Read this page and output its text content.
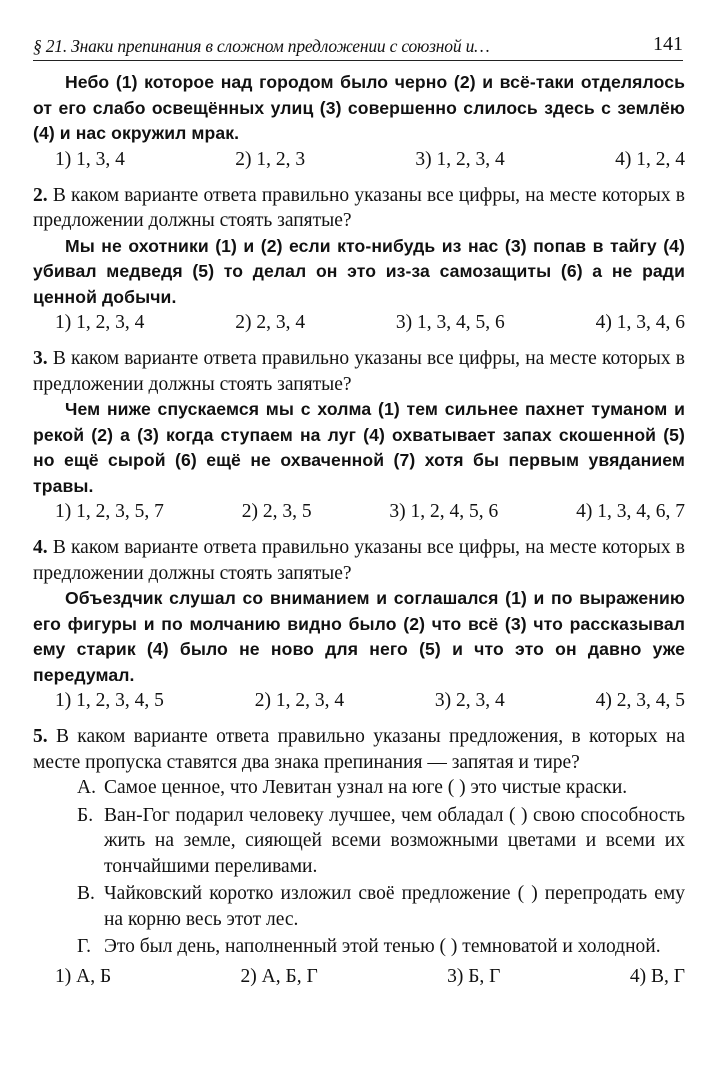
§ 21. Знаки препинания в сложном предложении с союзной и…	141

Небо (1) которое над городом было черно (2) и всё-таки отделялось от его слабо освещённых улиц (3) совершенно слилось здесь с землёю (4) и нас окружил мрак.

1) 1, 3, 4	2) 1, 2, 3	3) 1, 2, 3, 4	4) 1, 2, 4

2. В каком варианте ответа правильно указаны все цифры, на месте которых в предложении должны стоять запятые?

Мы не охотники (1) и (2) если кто-нибудь из нас (3) попав в тайгу (4) убивал медведя (5) то делал он это из-за самозащиты (6) а не ради ценной добычи.

1) 1, 2, 3, 4	2) 2, 3, 4	3) 1, 3, 4, 5, 6	4) 1, 3, 4, 6

3. В каком варианте ответа правильно указаны все цифры, на месте которых в предложении должны стоять запятые?

Чем ниже спускаемся мы с холма (1) тем сильнее пахнет туманом и рекой (2) а (3) когда ступаем на луг (4) охватывает запах скошенной (5) но ещё сырой (6) ещё не охваченной (7) хотя бы первым увяданием травы.

1) 1, 2, 3, 5, 7	2) 2, 3, 5	3) 1, 2, 4, 5, 6	4) 1, 3, 4, 6, 7

4. В каком варианте ответа правильно указаны все цифры, на месте которых в предложении должны стоять запятые?

Объездчик слушал со вниманием и соглашался (1) и по выражению его фигуры и по молчанию видно было (2) что всё (3) что рассказывал ему старик (4) было не ново для него (5) и что это он давно уже передумал.

1) 1, 2, 3, 4, 5	2) 1, 2, 3, 4	3) 2, 3, 4	4) 2, 3, 4, 5

5. В каком варианте ответа правильно указаны предложения, в которых на месте пропуска ставятся два знака препинания — запятая и тире?

А. Самое ценное, что Левитан узнал на юге ( ) это чистые краски.
Б. Ван-Гог подарил человеку лучшее, чем обладал ( ) свою способность жить на земле, сияющей всеми возможными цветами и всеми их тончайшими переливами.
В. Чайковский коротко изложил своё предложение ( ) перепродать ему на корню весь этот лес.
Г. Это был день, наполненный этой тенью ( ) темноватой и холодной.
1) А, Б	2) А, Б, Г	3) Б, Г	4) В, Г
